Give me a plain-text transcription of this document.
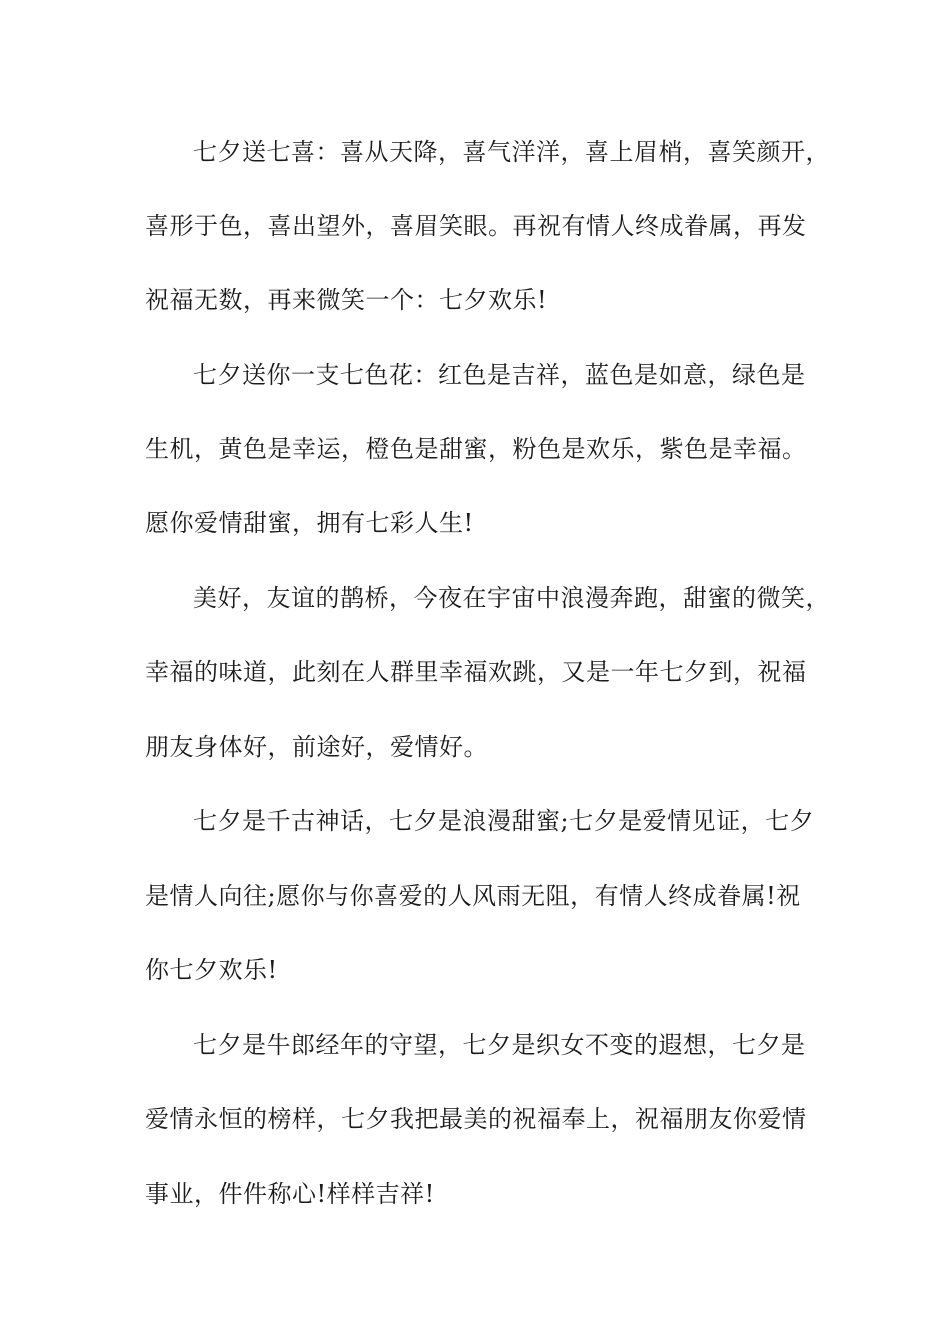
七夕送七喜：喜从天降，喜气洋洋，喜上眉梢，喜笑颜开，

喜形于色，喜出望外，喜眉笑眼。再祝有情人终成眷属，再发

祝福无数，再来微笑一个：七夕欢乐!

七夕送你一支七色花：红色是吉祥，蓝色是如意，绿色是

生机，黄色是幸运，橙色是甜蜜，粉色是欢乐，紫色是幸福。

愿你爱情甜蜜，拥有七彩人生!

美好，友谊的鹊桥，今夜在宇宙中浪漫奔跑，甜蜜的微笑，

幸福的味道，此刻在人群里幸福欢跳，又是一年七夕到，祝福

朋友身体好，前途好，爱情好。

七夕是千古神话，七夕是浪漫甜蜜;七夕是爱情见证，七夕

是情人向往;愿你与你喜爱的人风雨无阻，有情人终成眷属!祝

你七夕欢乐!

七夕是牛郎经年的守望，七夕是织女不变的遐想，七夕是

爱情永恒的榜样，七夕我把最美的祝福奉上，祝福朋友你爱情

事业，件件称心!样样吉祥!
